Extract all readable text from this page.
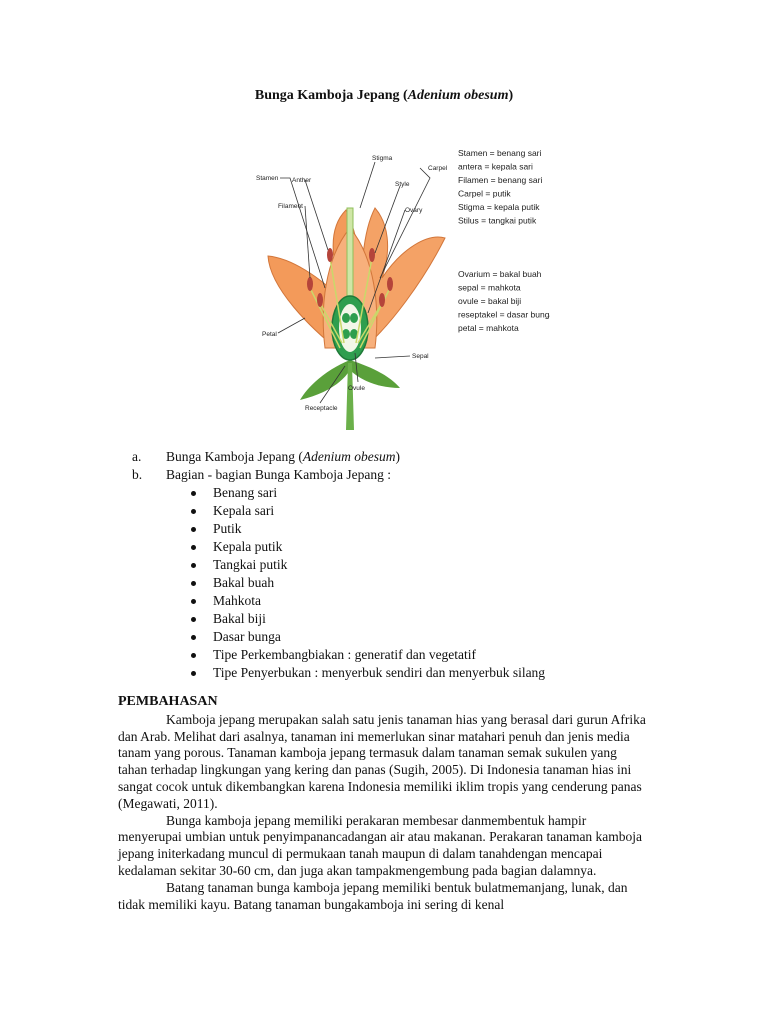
Bunga Kamboja Jepang (Adenium obesum)
Stamen Anther
Filament
Stigma
Style
Carpel
Ovary
Petal
Sepal
Ovule
Receptacle
Stamen = benang sari
antera = kepala sari
Filamen = benang sari
Carpel = putik
Stigma = kepala putik
Stilus = tangkai putik
Ovarium = bakal buah
sepal = mahkota
ovule = bakal biji
reseptakel = dasar bunga
petal = mahkota
a. Bunga Kamboja Jepang (Adenium obesum)
b. Bagian - bagian Bunga Kamboja Jepang :
Benang sari
Kepala sari
Putik
Kepala putik
Tangkai putik
Bakal buah
Mahkota
Bakal biji
Dasar bunga
Tipe Perkembangbiakan : generatif dan vegetatif
Tipe Penyerbukan : menyerbuk sendiri dan menyerbuk silang
PEMBAHASAN

Kamboja jepang merupakan salah satu jenis tanaman hias yang berasal dari gurun Afrika dan Arab. Melihat dari asalnya, tanaman ini memerlukan sinar matahari penuh dan jenis media tanam yang porous. Tanaman kamboja jepang termasuk dalam tanaman semak sukulen yang tahan terhadap lingkungan yang kering dan panas (Sugih, 2005). Di Indonesia tanaman hias ini sangat cocok untuk dikembangkan karena Indonesia memiliki iklim tropis yang cenderung panas (Megawati, 2011).

Bunga kamboja jepang memiliki perakaran membesar danmembentuk hampir menyerupai umbian untuk penyimpanancadangan air atau makanan. Perakaran tanaman kamboja jepang initerkadang muncul di permukaan tanah maupun di dalam tanahdengan mencapai kedalaman sekitar 30-60 cm, dan juga akan tampakmengembung pada bagian dalamnya.

Batang tanaman bunga kamboja jepang memiliki bentuk bulatmemanjang, lunak, dan tidak memiliki kayu. Batang tanaman bungakamboja ini sering di kenal
